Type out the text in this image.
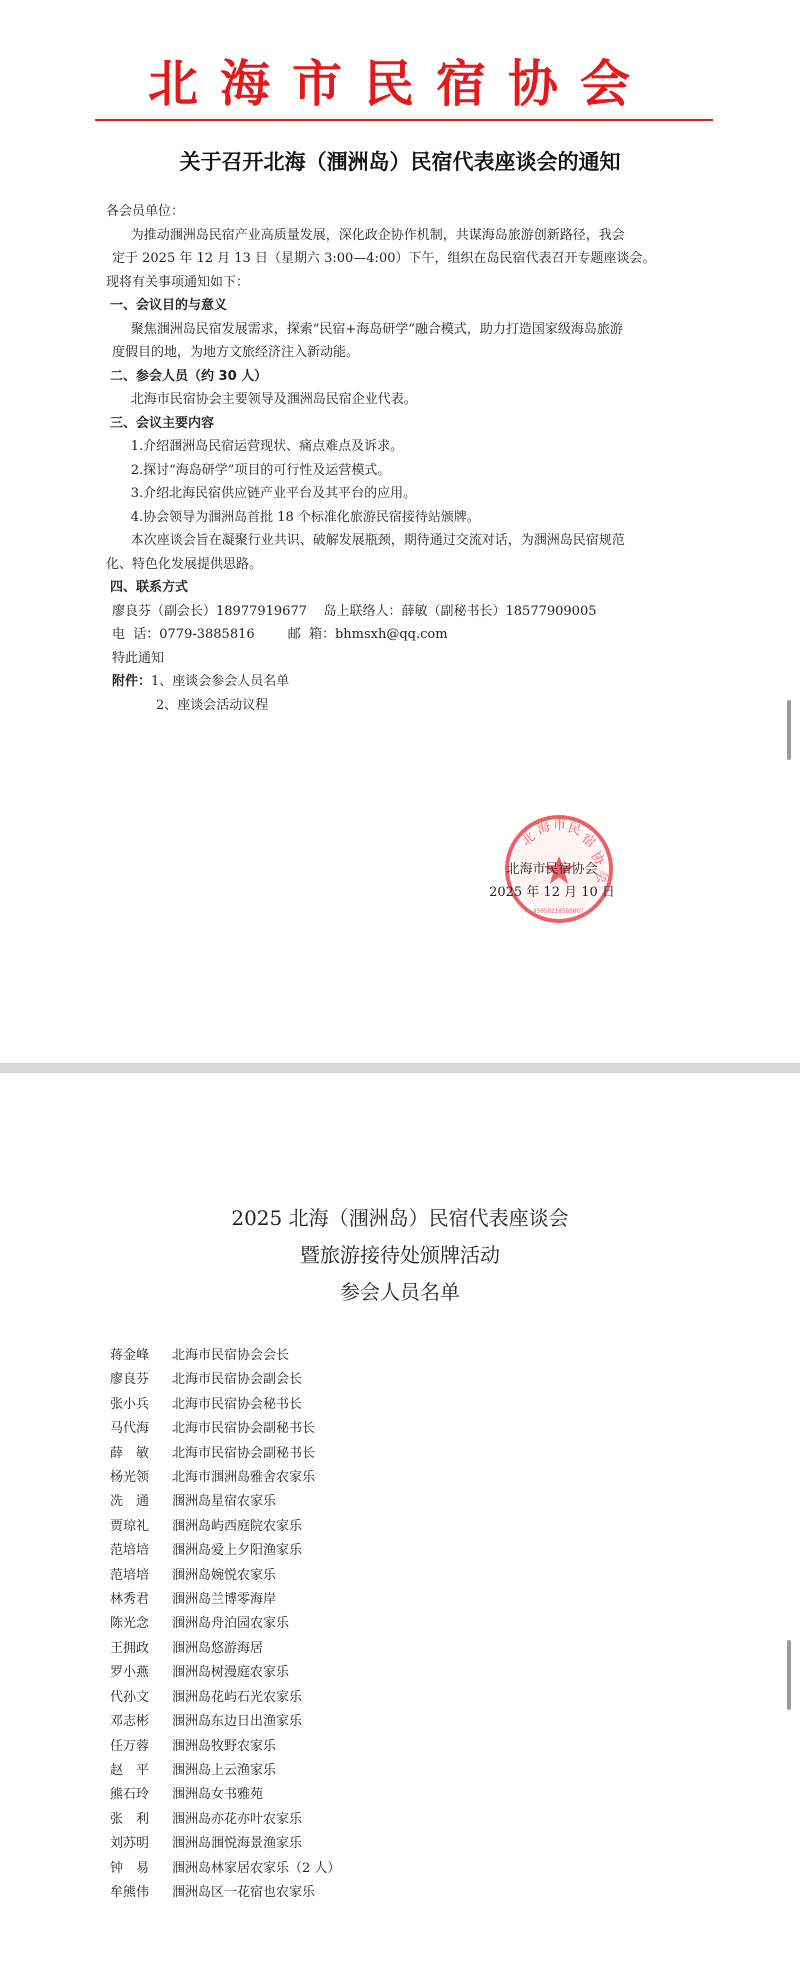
北海市民宿协会
关于召开北海（涠洲岛）民宿代表座谈会的通知
各会员单位：
为推动涠洲岛民宿产业高质量发展，深化政企协作机制，共谋海岛旅游创新路径，我会
定于 2025 年 12 月 13 日（星期六 3:00—4:00）下午，组织在岛民宿代表召开专题座谈会。
现将有关事项通知如下：
一、会议目的与意义
聚焦涠洲岛民宿发展需求，探索“民宿+海岛研学”融合模式，助力打造国家级海岛旅游
度假目的地，为地方文旅经济注入新动能。
二、参会人员（约 30 人）
北海市民宿协会主要领导及涠洲岛民宿企业代表。
三、会议主要内容
1.介绍涠洲岛民宿运营现状、痛点难点及诉求。
2.探讨“海岛研学”项目的可行性及运营模式。
3.介绍北海民宿供应链产业平台及其平台的应用。
4.协会领导为涠洲岛首批 18 个标准化旅游民宿接待站颁牌。
本次座谈会旨在凝聚行业共识、破解发展瓶颈，期待通过交流对话，为涠洲岛民宿规范
化、特色化发展提供思路。
四、联系方式
廖良芬（副会长）18977919677    岛上联络人：薛敏（副秘书长）18577909005
电  话：0779-3885816        邮  箱：bhmsxh@qq.com
特此通知
附件：1、座谈会参会人员名单
2、座谈会活动议程
北
海 市 民
宿
协
会
45050210580067
北海市民宿协会
2025 年 12 月 10 日
2025 北海（涠洲岛）民宿代表座谈会
暨旅游接待处颁牌活动
参会人员名单
蒋金峰	北海市民宿协会会长
廖良芬	北海市民宿协会副会长
张小兵	北海市民宿协会秘书长
马代海	北海市民宿协会副秘书长
薛　敏	北海市民宿协会副秘书长
杨光领	北海市涠洲岛雅舍农家乐
冼　通	涠洲岛星宿农家乐
贾琼礼	涠洲岛屿西庭院农家乐
范培培	涠洲岛爱上夕阳渔家乐
范培培	涠洲岛婉悦农家乐
林秀君	涠洲岛兰博零海岸
陈光念	涠洲岛舟泊园农家乐
王拥政	涠洲岛悠游海居
罗小燕	涠洲岛树漫庭农家乐
代孙文	涠洲岛花屿石光农家乐
邓志彬	涠洲岛东边日出渔家乐
任万蓉	涠洲岛牧野农家乐
赵　平	涠洲岛上云渔家乐
熊石玲	涠洲岛女书雅苑
张　利	涠洲岛亦花亦叶农家乐
刘苏明	涠洲岛涠悦海景渔家乐
钟　易	涠洲岛林家居农家乐（2 人）
牟熊伟	涠洲岛区一花宿也农家乐
